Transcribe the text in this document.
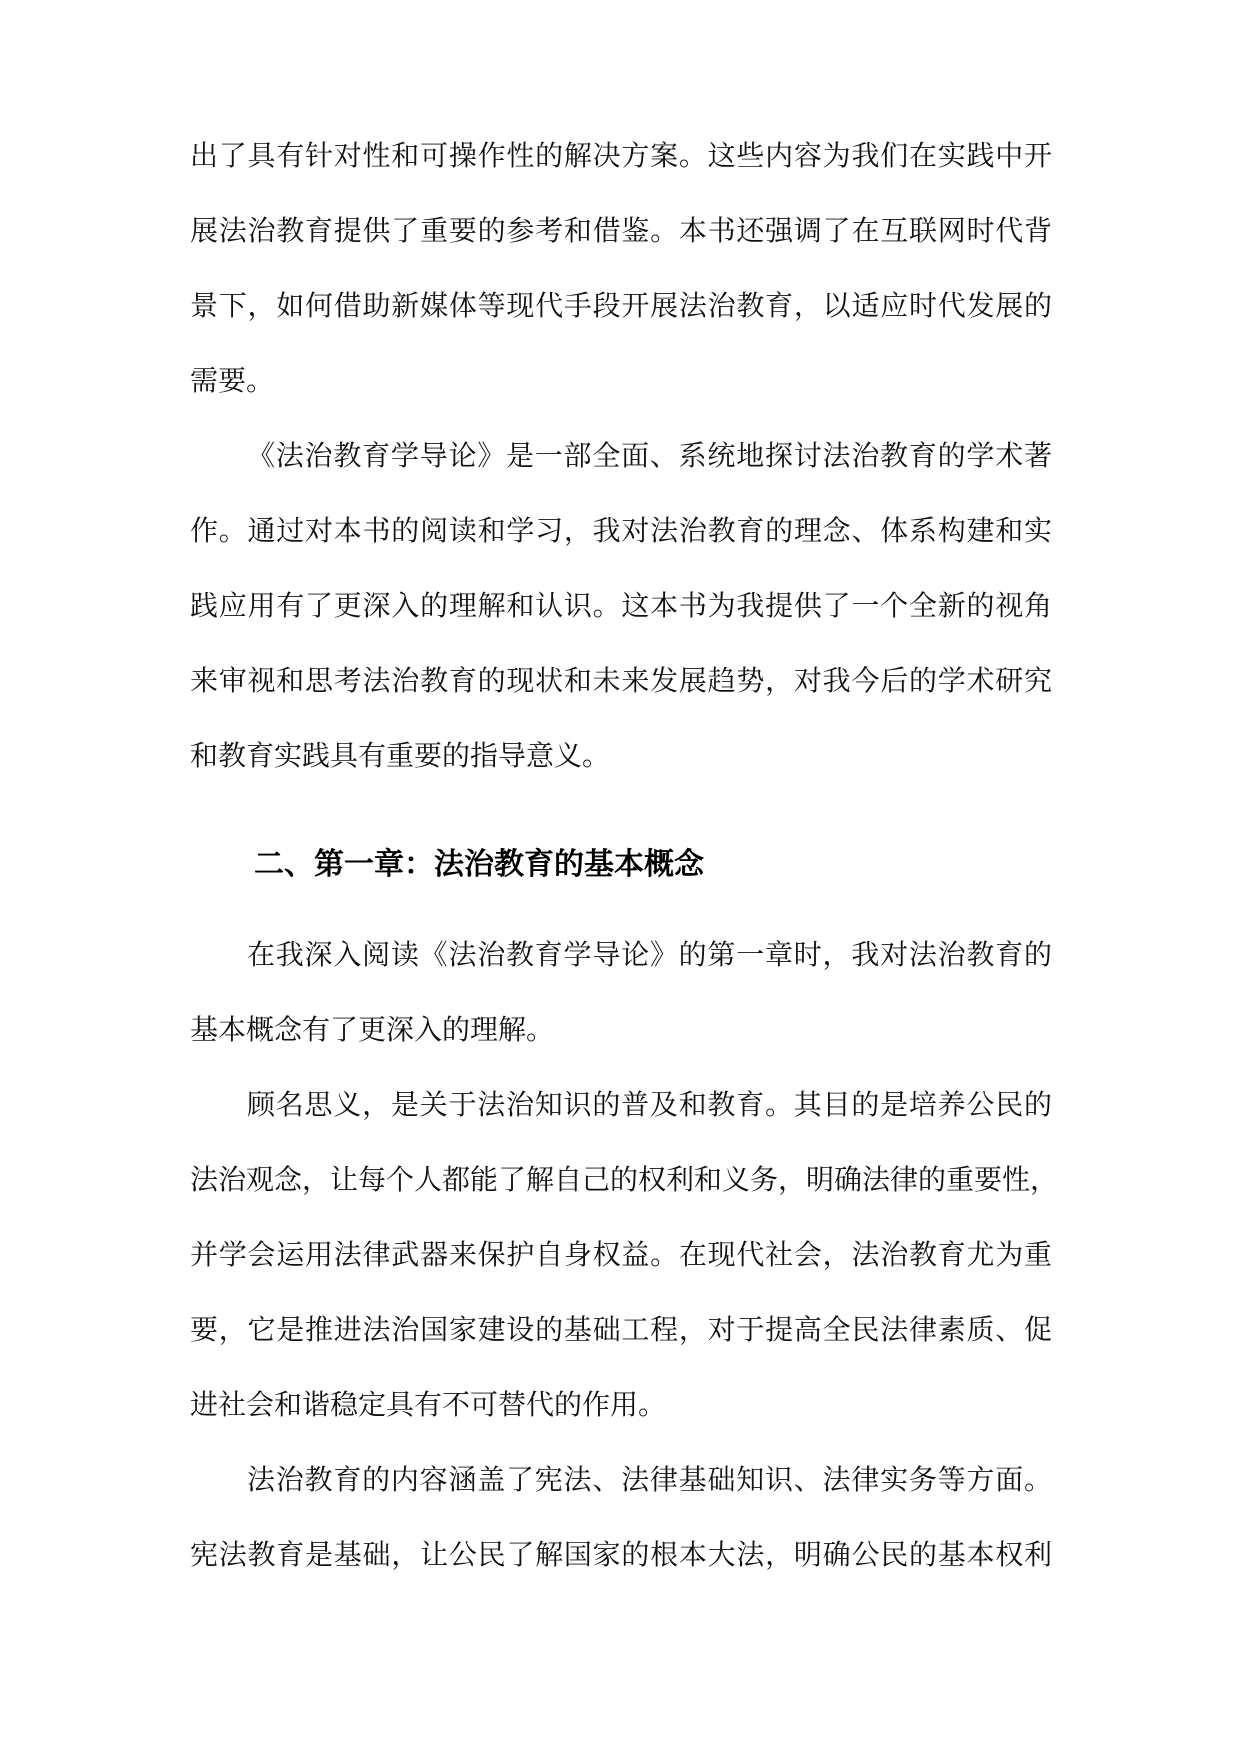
出了具有针对性和可操作性的解决方案。这些内容为我们在实践中开

展法治教育提供了重要的参考和借鉴。本书还强调了在互联网时代背

景下，如何借助新媒体等现代手段开展法治教育，以适应时代发展的

需要。

《法治教育学导论》是一部全面、系统地探讨法治教育的学术著

作。通过对本书的阅读和学习，我对法治教育的理念、体系构建和实

践应用有了更深入的理解和认识。这本书为我提供了一个全新的视角

来审视和思考法治教育的现状和未来发展趋势，对我今后的学术研究

和教育实践具有重要的指导意义。

二、第一章：法治教育的基本概念

在我深入阅读《法治教育学导论》的第一章时，我对法治教育的

基本概念有了更深入的理解。

顾名思义，是关于法治知识的普及和教育。其目的是培养公民的

法治观念，让每个人都能了解自己的权利和义务，明确法律的重要性，

并学会运用法律武器来保护自身权益。在现代社会，法治教育尤为重

要，它是推进法治国家建设的基础工程，对于提高全民法律素质、促

进社会和谐稳定具有不可替代的作用。

法治教育的内容涵盖了宪法、法律基础知识、法律实务等方面。

宪法教育是基础，让公民了解国家的根本大法，明确公民的基本权利
